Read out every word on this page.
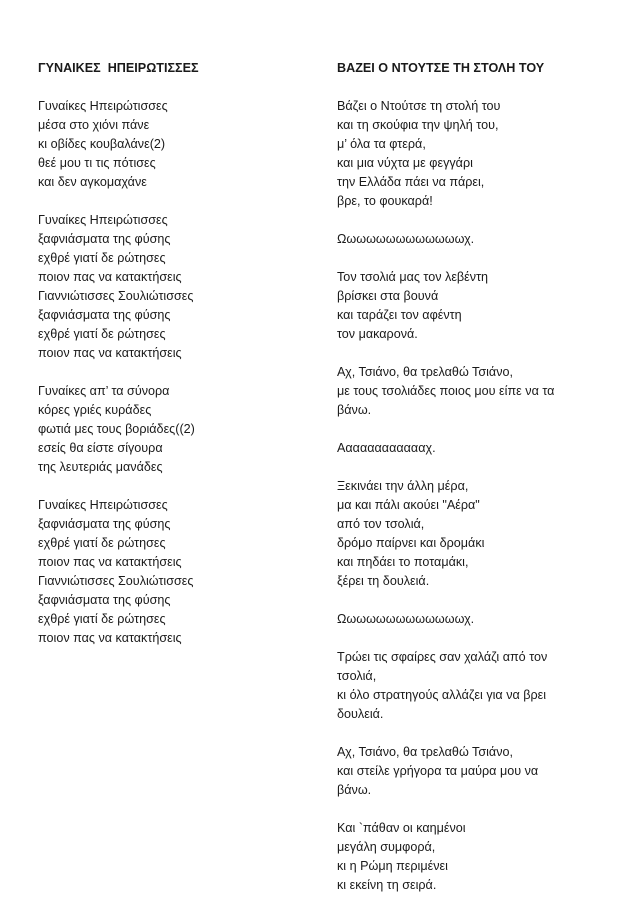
ΓΥΝΑΙΚΕΣ  ΗΠΕΙΡΩΤΙΣΣΕΣ
Γυναίκες Ηπειρώτισσες
μέσα στο χιόνι πάνε
κι οβίδες κουβαλάνε(2)
θεέ μου τι τις πότισες
και δεν αγκομαχάνε
Γυναίκες Ηπειρώτισσες
ξαφνιάσματα της φύσης
εχθρέ γιατί δε ρώτησες
ποιον πας να κατακτήσεις
Γιαννιώτισσες Σουλιώτισσες
ξαφνιάσματα της φύσης
εχθρέ γιατί δε ρώτησες
ποιον πας να κατακτήσεις
Γυναίκες απ’ τα σύνορα
κόρες γριές κυράδες
φωτιά μες τους βοριάδες((2)
εσείς θα είστε σίγουρα
της λευτεριάς μανάδες
Γυναίκες Ηπειρώτισσες
ξαφνιάσματα της φύσης
εχθρέ γιατί δε ρώτησες
ποιον πας να κατακτήσεις
Γιαννιώτισσες Σουλιώτισσες
ξαφνιάσματα της φύσης
εχθρέ γιατί δε ρώτησες
ποιον πας να κατακτήσεις
ΒΑΖΕΙ Ο ΝΤΟΥΤΣΕ ΤΗ ΣΤΟΛΗ ΤΟΥ
Βάζει ο Ντούτσε τη στολή του
και τη σκούφια την ψηλή του,
μ’ όλα τα φτερά,
και μια νύχτα με φεγγάρι
την Ελλάδα πάει να πάρει,
βρε, το φουκαρά!
Ωωωωωωωωωωωωωχ.
Τον τσολιά μας τον λεβέντη
βρίσκει στα βουνά
και ταράζει τον αφέντη
τον μακαρονά.
Αχ, Τσιάνο, θα τρελαθώ Τσιάνο,
με τους τσολιάδες ποιος μου είπε να τα
βάνω.
Ααααααααααααχ.
Ξεκινάει την άλλη μέρα,
μα και πάλι ακούει "Αέρα"
από τον τσολιά,
δρόμο παίρνει και δρομάκι
και πηδάει το ποταμάκι,
ξέρει τη δουλειά.
Ωωωωωωωωωωωωωχ.
Τρώει τις σφαίρες σαν χαλάζι από τον
τσολιά,
κι όλο στρατηγούς αλλάζει για να βρει
δουλειά.
Αχ, Τσιάνο, θα τρελαθώ Τσιάνο,
και στείλε γρήγορα τα μαύρα μου να
βάνω.
Και `πάθαν οι καημένοι
μεγάλη συμφορά,
κι η Ρώμη περιμένει
κι εκείνη τη σειρά.
